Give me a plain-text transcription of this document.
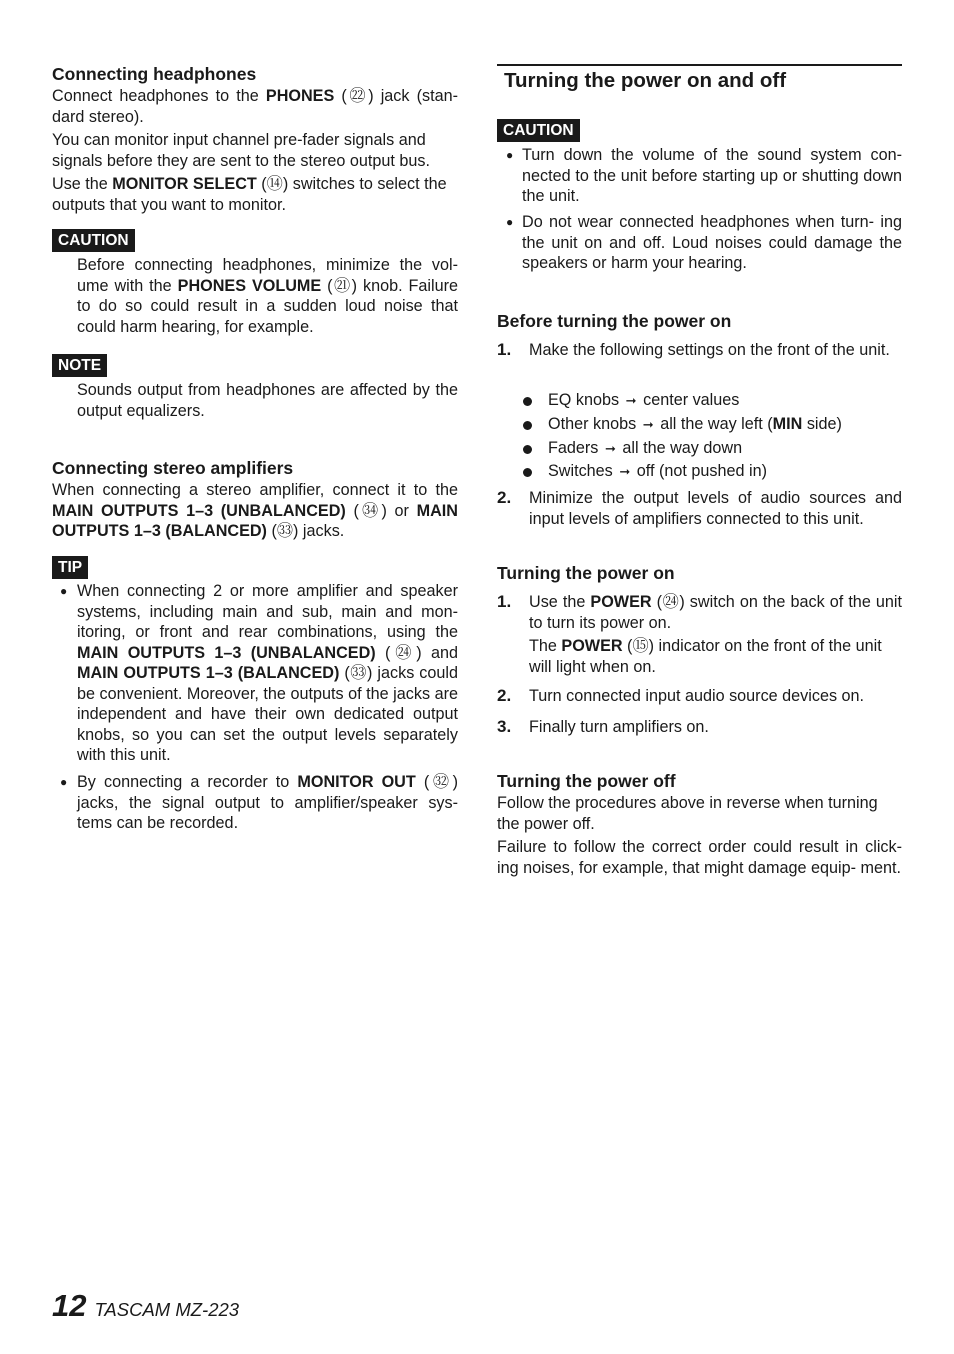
Connecting headphones
Connect headphones to the PHONES (㉒) jack (stan- dard stereo).
You can monitor input channel pre-fader signals and signals before they are sent to the stereo output bus.
Use the MONITOR SELECT (⑭) switches to select the outputs that you want to monitor.
CAUTION
Before connecting headphones, minimize the vol- ume with the PHONES VOLUME (㉑) knob. Failure to do so could result in a sudden loud noise that could harm hearing, for example.
NOTE
Sounds output from headphones are affected by the output equalizers.
Connecting stereo amplifiers
When connecting a stereo amplifier, connect it to the MAIN OUTPUTS 1–3 (UNBALANCED) (㉞) or MAIN OUTPUTS 1–3 (BALANCED) (㉝) jacks.
TIP
● When connecting 2 or more amplifier and speaker systems, including main and sub, main and mon- itoring, or front and rear combinations, using the MAIN OUTPUTS 1–3 (UNBALANCED) (㉔) and MAIN OUTPUTS 1–3 (BALANCED) (㉝) jacks could be convenient. Moreover, the outputs of the jacks are independent and have their own dedicated output knobs, so you can set the output levels separately with this unit.
● By connecting a recorder to MONITOR OUT (㉜) jacks, the signal output to amplifier/speaker sys- tems can be recorded.
Turning the power on and off
CAUTION
● Turn down the volume of the sound system con- nected to the unit before starting up or shutting down the unit.
● Do not wear connected headphones when turn- ing the unit on and off. Loud noises could damage the speakers or harm your hearing.
Before turning the power on
1. Make the following settings on the front of the unit.
EQ knobs ➞ center values
Other knobs ➞ all the way left (MIN side)
Faders ➞ all the way down
Switches ➞ off (not pushed in)
2. Minimize the output levels of audio sources and input levels of amplifiers connected to this unit.
Turning the power on
1. Use the POWER (㉔) switch on the back of the unit to turn its power on.
The POWER (⑮) indicator on the front of the unit will light when on.
2. Turn connected input audio source devices on.
3. Finally turn amplifiers on.
Turning the power off
Follow the procedures above in reverse when turning the power off.
Failure to follow the correct order could result in click- ing noises, for example, that might damage equip- ment.
12 TASCAM MZ-223
